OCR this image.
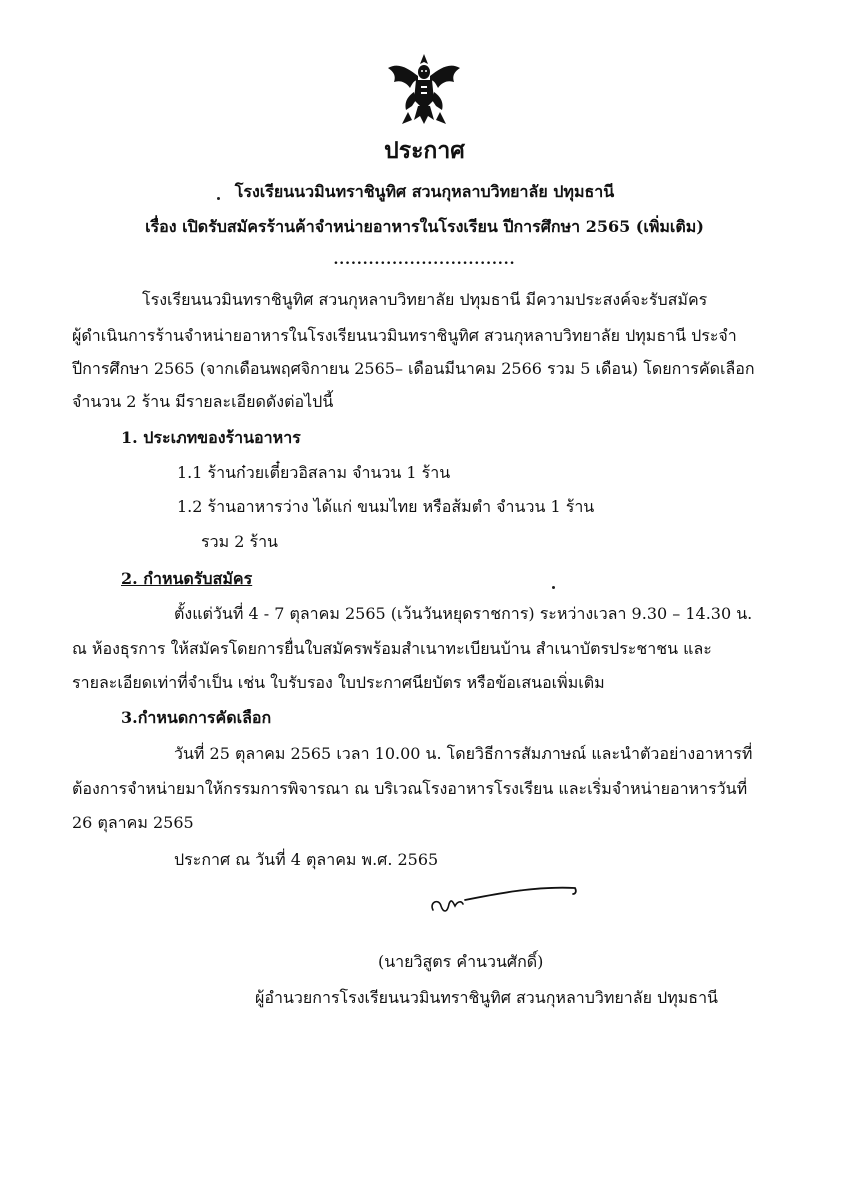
ประกาศ
โรงเรียนนวมินทราชินูทิศ สวนกุหลาบวิทยาลัย ปทุมธานี
เรื่อง เปิดรับสมัครร้านค้าจำหน่ายอาหารในโรงเรียน ปีการศึกษา 2565 (เพิ่มเติม)
...............................
โรงเรียนนวมินทราชินูทิศ สวนกุหลาบวิทยาลัย ปทุมธานี มีความประสงค์จะรับสมัคร
ผู้ดำเนินการร้านจำหน่ายอาหารในโรงเรียนนวมินทราชินูทิศ สวนกุหลาบวิทยาลัย ปทุมธานี ประจำ
ปีการศึกษา 2565 (จากเดือนพฤศจิกายน 2565– เดือนมีนาคม 2566 รวม 5 เดือน) โดยการคัดเลือก
จำนวน 2 ร้าน มีรายละเอียดดังต่อไปนี้
1. ประเภทของร้านอาหาร
1.1 ร้านก๋วยเตี๋ยวอิสลาม จำนวน 1 ร้าน
1.2 ร้านอาหารว่าง ได้แก่ ขนมไทย หรือส้มตำ จำนวน 1 ร้าน
รวม 2 ร้าน
2. กำหนดรับสมัคร
ตั้งแต่วันที่ 4 - 7 ตุลาคม 2565 (เว้นวันหยุดราชการ) ระหว่างเวลา 9.30 – 14.30 น.
ณ ห้องธุรการ ให้สมัครโดยการยื่นใบสมัครพร้อมสำเนาทะเบียนบ้าน สำเนาบัตรประชาชน และ
รายละเอียดเท่าที่จำเป็น เช่น ใบรับรอง ใบประกาศนียบัตร หรือข้อเสนอเพิ่มเติม
3.กำหนดการคัดเลือก
วันที่ 25 ตุลาคม 2565 เวลา 10.00 น. โดยวิธีการสัมภาษณ์ และนำตัวอย่างอาหารที่
ต้องการจำหน่ายมาให้กรรมการพิจารณา ณ บริเวณโรงอาหารโรงเรียน และเริ่มจำหน่ายอาหารวันที่
26 ตุลาคม 2565
ประกาศ ณ วันที่ 4 ตุลาคม พ.ศ. 2565
(นายวิสูตร คำนวนศักดิ์)
ผู้อำนวยการโรงเรียนนวมินทราชินูทิศ สวนกุหลาบวิทยาลัย ปทุมธานี
